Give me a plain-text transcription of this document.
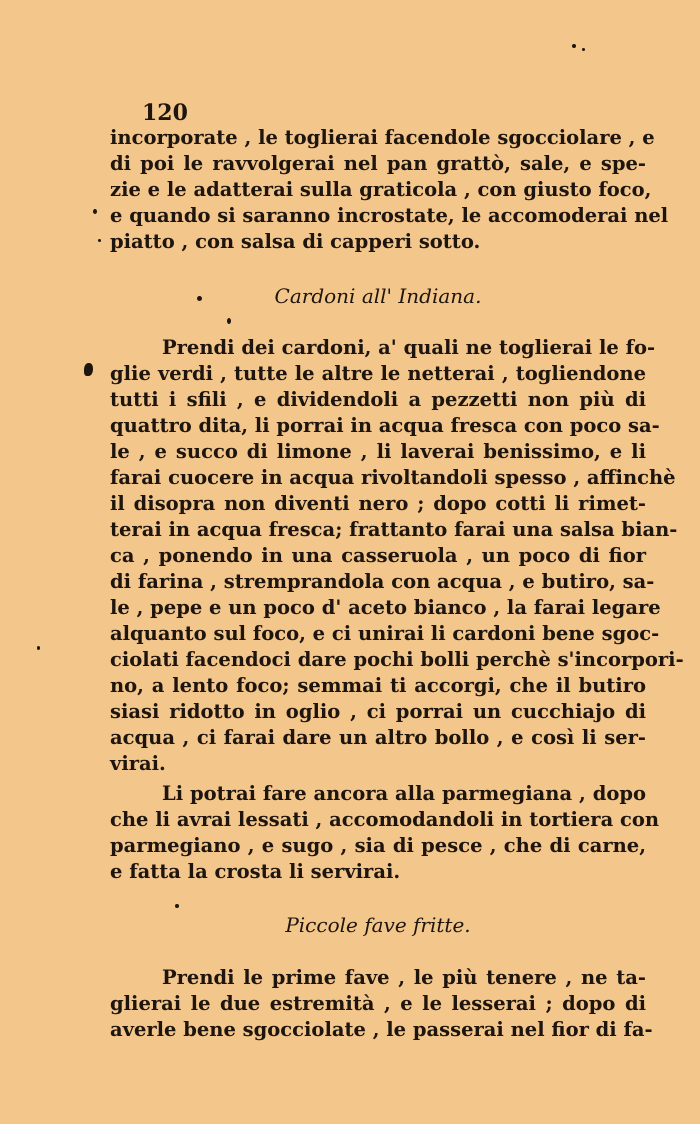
120
incorporate , le toglierai facendole sgocciolare , e
di poi le ravvolgerai nel pan grattò, sale, e spe-
zie e le adatterai sulla graticola , con giusto foco,
e quando si saranno incrostate, le accomoderai nel
piatto , con salsa di capperi sotto.
Cardoni all' Indiana.
Prendi dei cardoni, a' quali ne toglierai le fo-
glie verdi , tutte le altre le netterai , togliendone
tutti i sfili , e dividendoli a pezzetti non più di
quattro dita, li porrai in acqua fresca con poco sa-
le , e succo di limone , li laverai benissimo, e li
farai cuocere in acqua rivoltandoli spesso , affinchè
il disopra non diventi nero ; dopo cotti li rimet-
terai in acqua fresca; frattanto farai una salsa bian-
ca , ponendo in una casseruola , un poco di fior
di farina , stremprandola con acqua , e butiro, sa-
le , pepe e un poco d' aceto bianco , la farai legare
alquanto sul foco, e ci unirai li cardoni bene sgoc-
ciolati facendoci dare pochi bolli perchè s'incorpori-
no, a lento foco; semmai ti accorgi, che il butiro
siasi ridotto in oglio , ci porrai un cucchiajo di
acqua , ci farai dare un altro bollo , e così li ser-
virai.
Li potrai fare ancora alla parmegiana , dopo
che li avrai lessati , accomodandoli in tortiera con
parmegiano , e sugo , sia di pesce , che di carne,
e fatta la crosta li servirai.
Piccole fave fritte.
Prendi le prime fave , le più tenere , ne ta-
glierai le due estremità , e le lesserai ; dopo di
averle bene sgocciolate , le passerai nel fior di fa-
